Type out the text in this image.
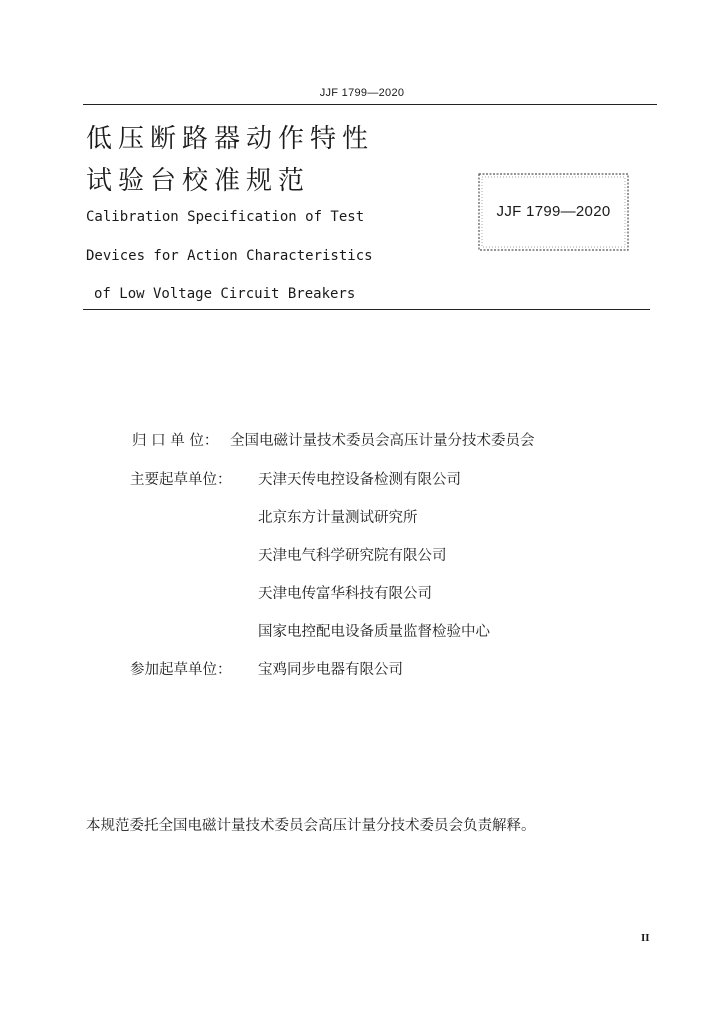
JJF 1799—2020
低压断路器动作特性
试验台校准规范
Calibration Specification of Test
Devices for Action Characteristics
of Low Voltage Circuit Breakers
JJF 1799—2020
归 口 单 位： 全国电磁计量技术委员会高压计量分技术委员会
主要起草单位： 天津天传电控设备检测有限公司
北京东方计量测试研究所
天津电气科学研究院有限公司
天津电传富华科技有限公司
国家电控配电设备质量监督检验中心
参加起草单位： 宝鸡同步电器有限公司
本规范委托全国电磁计量技术委员会高压计量分技术委员会负责解释。
II
